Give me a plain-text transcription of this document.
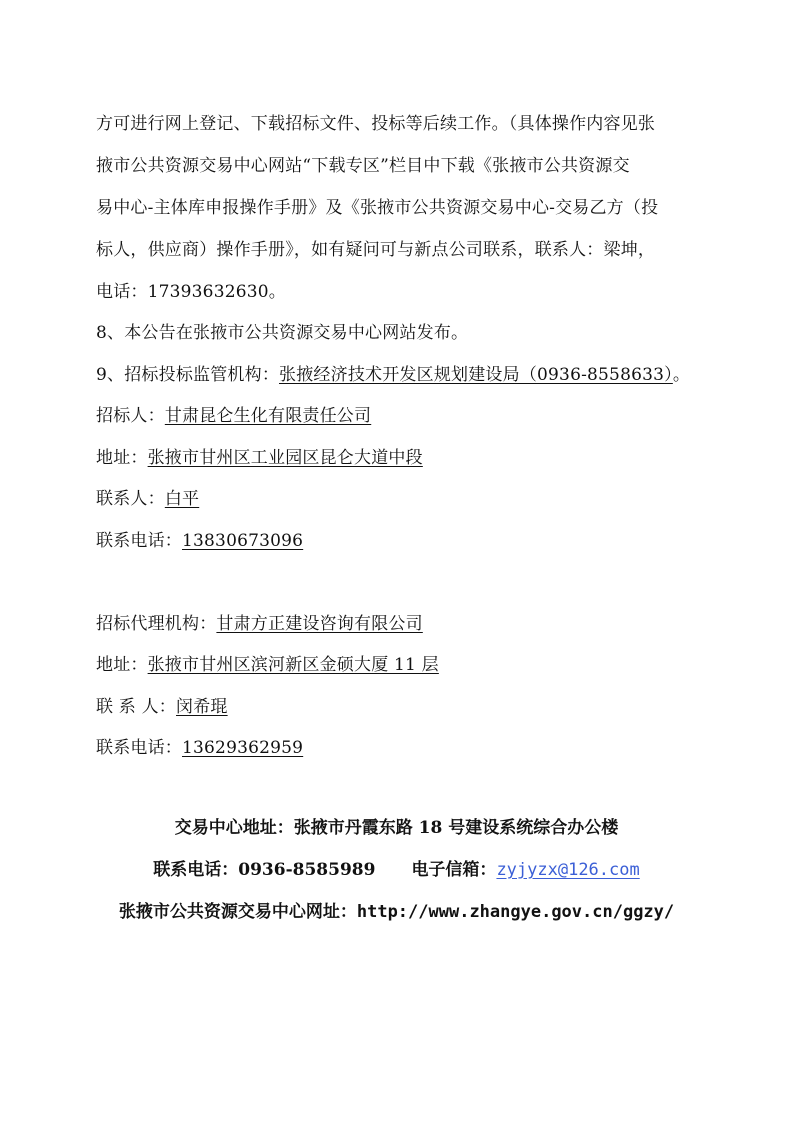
方可进行网上登记、下载招标文件、投标等后续工作。（具体操作内容见张
掖市公共资源交易中心网站“下载专区”栏目中下载《张掖市公共资源交
易中心-主体库申报操作手册》及《张掖市公共资源交易中心-交易乙方（投
标人，供应商）操作手册》，如有疑问可与新点公司联系，联系人：梁坤，
电话：17393632630。
8、本公告在张掖市公共资源交易中心网站发布。
9、招标投标监管机构：张掖经济技术开发区规划建设局（0936-8558633）。
招标人：甘肃昆仑生化有限责任公司
地址：张掖市甘州区工业园区昆仑大道中段
联系人：白平
联系电话：13830673096
招标代理机构：甘肃方正建设咨询有限公司
地址：张掖市甘州区滨河新区金硕大厦 11 层
联 系 人：闵希琨
联系电话：13629362959
交易中心地址：张掖市丹霞东路 18 号建设系统综合办公楼
联系电话：0936-8585989 电子信箱：zyjyzx@126.com
张掖市公共资源交易中心网址：http://www.zhangye.gov.cn/ggzy/
